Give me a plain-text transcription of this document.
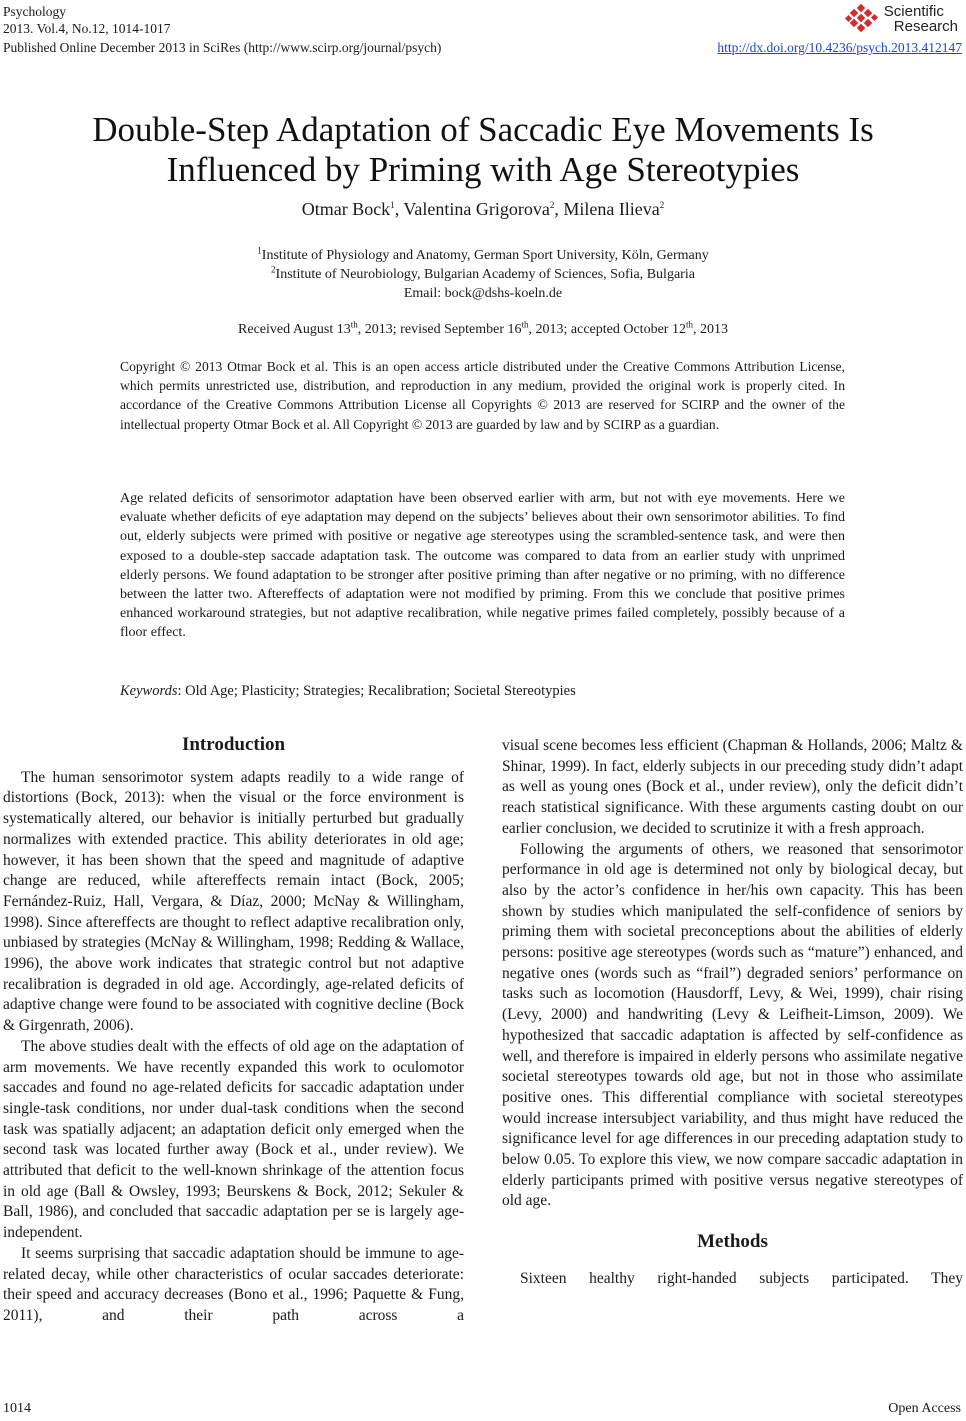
Psychology
2013. Vol.4, No.12, 1014-1017
Published Online December 2013 in SciRes (http://www.scirp.org/journal/psych)	http://dx.doi.org/10.4236/psych.2013.412147
Scientific
Research
Double-Step Adaptation of Saccadic Eye Movements Is
Influenced by Priming with Age Stereotypies
Otmar Bock$^1$, Valentina Grigorova$^2$, Milena Ilieva$^2$
$^1$Institute of Physiology and Anatomy, German Sport University, Köln, Germany
$^2$Institute of Neurobiology, Bulgarian Academy of Sciences, Sofia, Bulgaria
Email: bock@dshs-koeln.de
Received August 13th, 2013; revised September 16th, 2013; accepted October 12th, 2013
Copyright © 2013 Otmar Bock et al. This is an open access article distributed under the Creative Commons Attribution License, which permits unrestricted use, distribution, and reproduction in any medium, provided the original work is properly cited. In accordance of the Creative Commons Attribution License all Copyrights © 2013 are reserved for SCIRP and the owner of the intellectual property Otmar Bock et al. All Copyright © 2013 are guarded by law and by SCIRP as a guardian.
Age related deficits of sensorimotor adaptation have been observed earlier with arm, but not with eye movements. Here we evaluate whether deficits of eye adaptation may depend on the subjects’ believes about their own sensorimotor abilities. To find out, elderly subjects were primed with positive or negative age stereotypes using the scrambled-sentence task, and were then exposed to a double-step saccade adaptation task. The outcome was compared to data from an earlier study with unprimed elderly persons. We found adaptation to be stronger after positive priming than after negative or no priming, with no difference between the latter two. Aftereffects of adaptation were not modified by priming. From this we conclude that positive primes enhanced workaround strategies, but not adaptive recalibration, while negative primes failed completely, possibly because of a floor effect.
Keywords: Old Age; Plasticity; Strategies; Recalibration; Societal Stereotypies
Introduction

The human sensorimotor system adapts readily to a wide range of distortions (Bock, 2013): when the visual or the force environment is systematically altered, our behavior is initially perturbed but gradually normalizes with extended practice. This ability deteriorates in old age; however, it has been shown that the speed and magnitude of adaptive change are reduced, while aftereffects remain intact (Bock, 2005; Fernández-Ruiz, Hall, Vergara, & Díaz, 2000; McNay & Willingham, 1998). Since aftereffects are thought to reflect adaptive recalibration only, unbiased by strategies (McNay & Willingham, 1998; Redding & Wallace, 1996), the above work indicates that strategic control but not adaptive recalibration is degraded in old age. Accordingly, age-related deficits of adaptive change were found to be associated with cognitive decline (Bock & Girgenrath, 2006).

The above studies dealt with the effects of old age on the adaptation of arm movements. We have recently expanded this work to oculomotor saccades and found no age-related deficits for saccadic adaptation under single-task conditions, nor under dual-task conditions when the second task was spatially adjacent; an adaptation deficit only emerged when the second task was located further away (Bock et al., under review). We attributed that deficit to the well-known shrinkage of the attention focus in old age (Ball & Owsley, 1993; Beurskens & Bock, 2012; Sekuler & Ball, 1986), and concluded that saccadic adaptation per se is largely age-independent.

It seems surprising that saccadic adaptation should be immune to age-related decay, while other characteristics of ocular saccades deteriorate: their speed and accuracy decreases (Bono et al., 1996; Paquette & Fung, 2011), and their path across a

visual scene becomes less efficient (Chapman & Hollands, 2006; Maltz & Shinar, 1999). In fact, elderly subjects in our preceding study didn’t adapt as well as young ones (Bock et al., under review), only the deficit didn’t reach statistical significance. With these arguments casting doubt on our earlier conclusion, we decided to scrutinize it with a fresh approach.

Following the arguments of others, we reasoned that sensorimotor performance in old age is determined not only by biological decay, but also by the actor’s confidence in her/his own capacity. This has been shown by studies which manipulated the self-confidence of seniors by priming them with societal preconceptions about the abilities of elderly persons: positive age stereotypes (words such as “mature”) enhanced, and negative ones (words such as “frail”) degraded seniors’ performance on tasks such as locomotion (Hausdorff, Levy, & Wei, 1999), chair rising (Levy, 2000) and handwriting (Levy & Leifheit-Limson, 2009). We hypothesized that saccadic adaptation is affected by self-confidence as well, and therefore is impaired in elderly persons who assimilate negative societal stereotypes towards old age, but not in those who assimilate positive ones. This differential compliance with societal stereotypes would increase intersubject variability, and thus might have reduced the significance level for age differences in our preceding adaptation study to below 0.05. To explore this view, we now compare saccadic adaptation in elderly participants primed with positive versus negative stereotypes of old age.

Methods

Sixteen healthy right-handed subjects participated. They

1014	Open Access
